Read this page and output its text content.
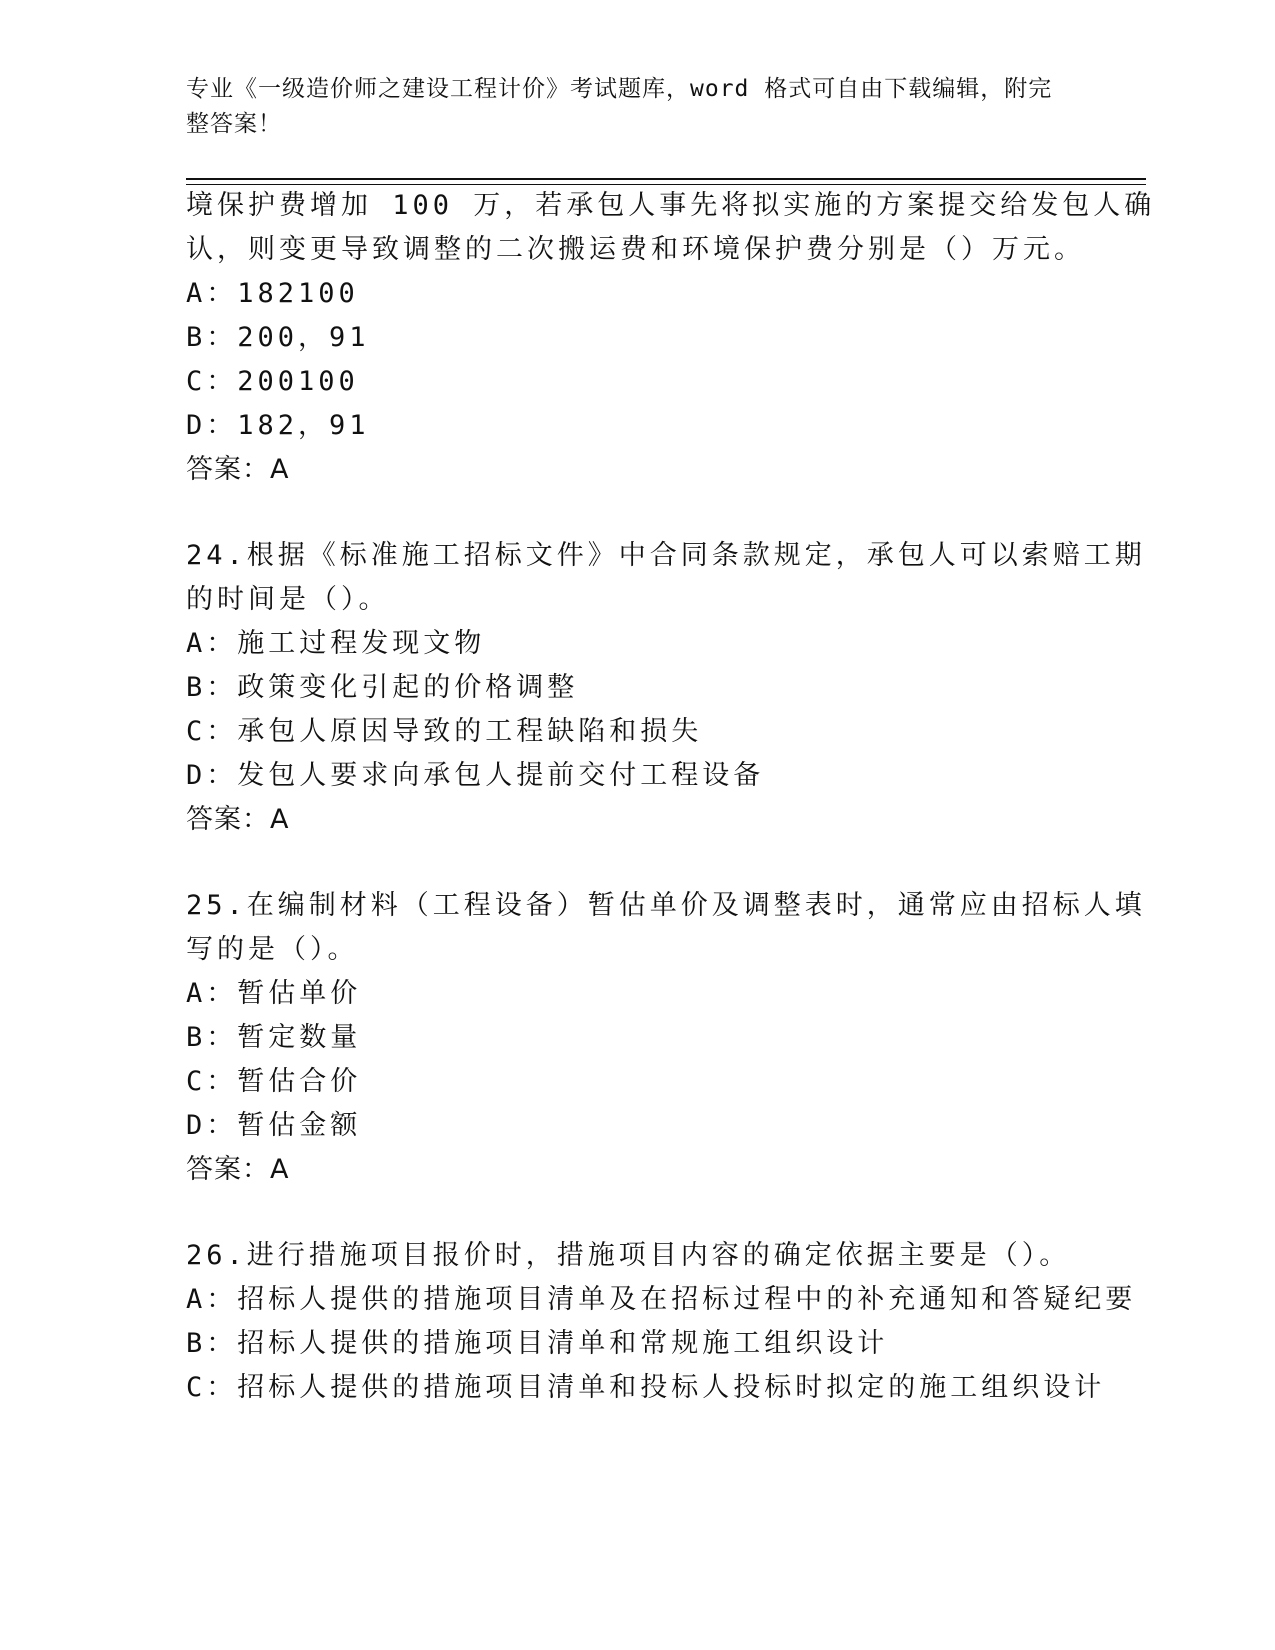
专业《一级造价师之建设工程计价》考试题库，word 格式可自由下载编辑，附完
整答案！
境保护费增加 100 万，若承包人事先将拟实施的方案提交给发包人确
认，则变更导致调整的二次搬运费和环境保护费分别是（）万元。
A：182100
B：200，91
C：200100
D：182，91
答案：A
24.根据《标准施工招标文件》中合同条款规定，承包人可以索赔工期
的时间是（）。
A：施工过程发现文物
B：政策变化引起的价格调整
C：承包人原因导致的工程缺陷和损失
D：发包人要求向承包人提前交付工程设备
答案：A
25.在编制材料（工程设备）暂估单价及调整表时，通常应由招标人填
写的是（）。
A：暂估单价
B：暂定数量
C：暂估合价
D：暂估金额
答案：A
26.进行措施项目报价时，措施项目内容的确定依据主要是（）。
A：招标人提供的措施项目清单及在招标过程中的补充通知和答疑纪要
B：招标人提供的措施项目清单和常规施工组织设计
C：招标人提供的措施项目清单和投标人投标时拟定的施工组织设计
